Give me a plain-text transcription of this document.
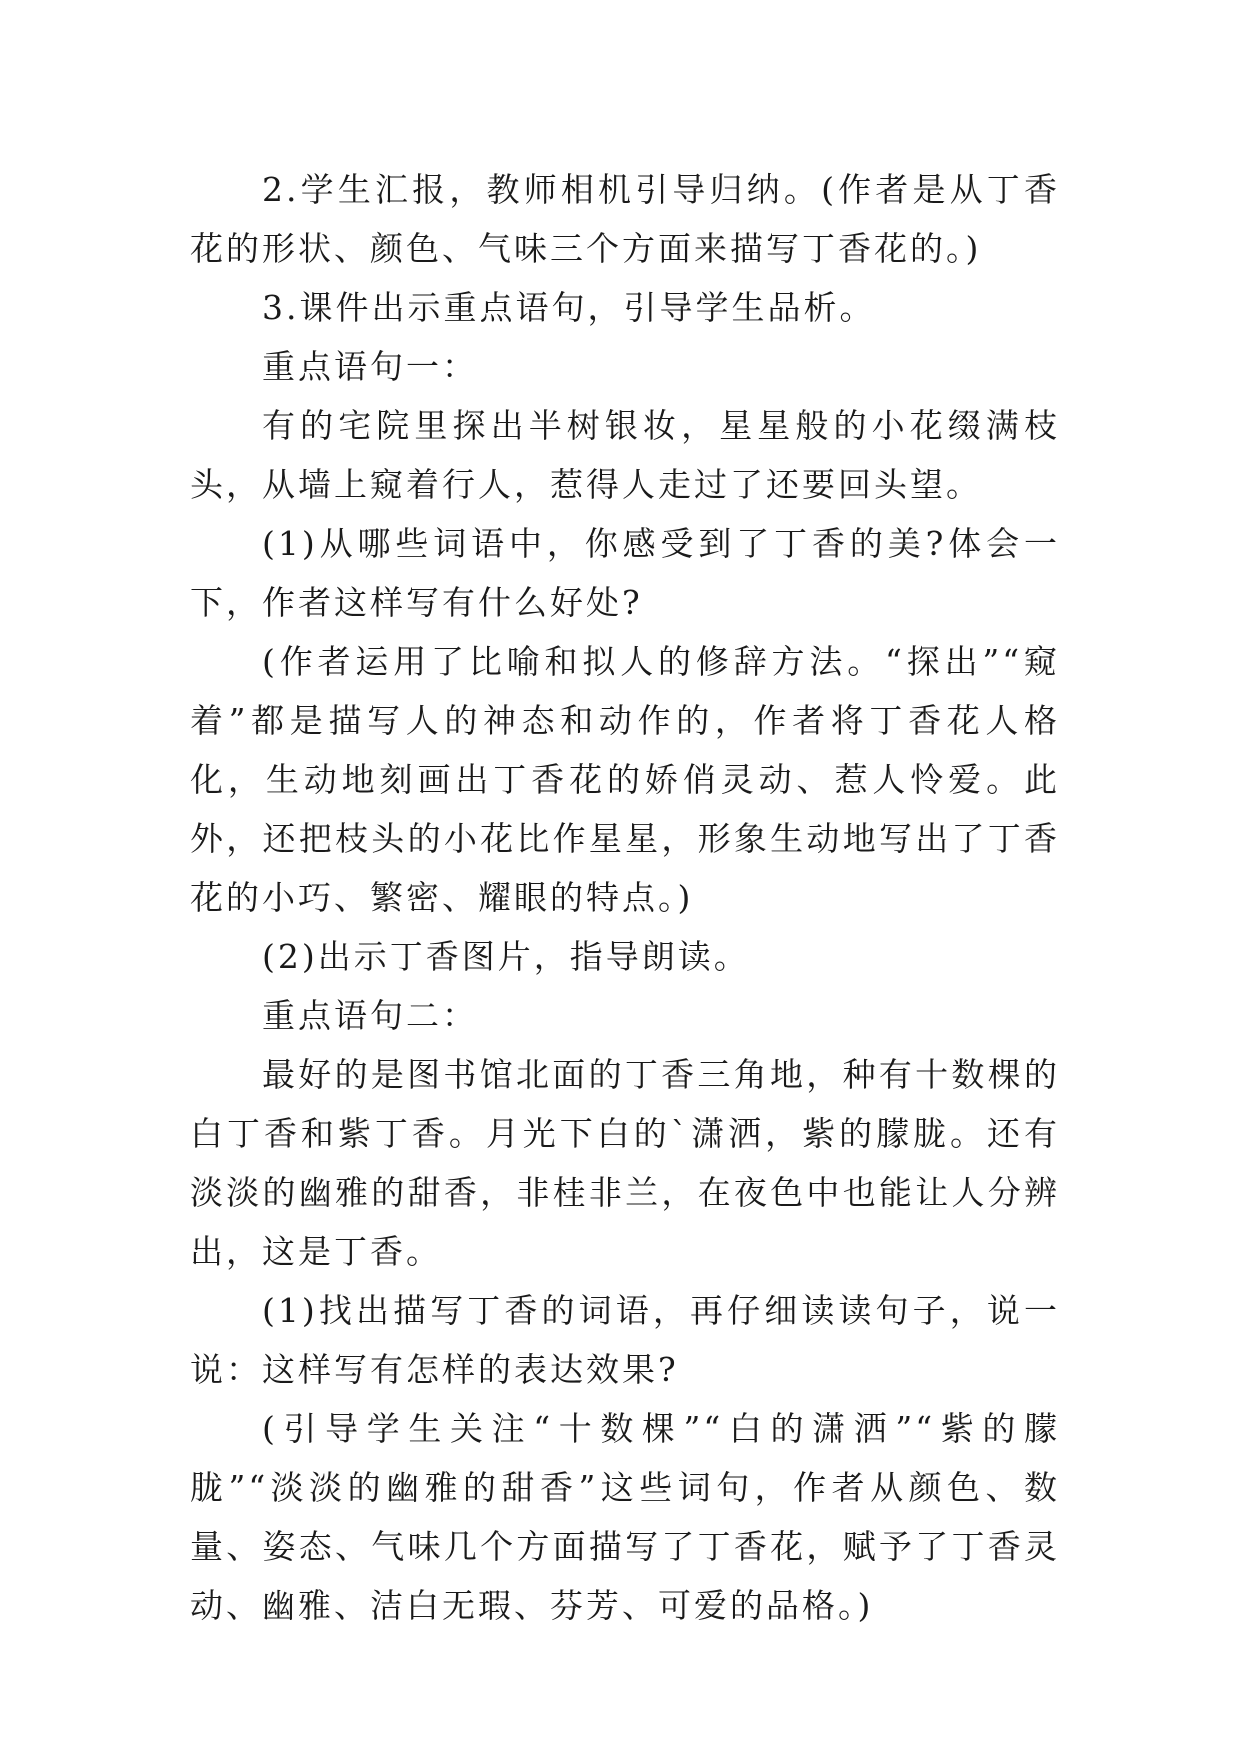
2.学生汇报，教师相机引导归纳。(作者是从丁香花的形状、颜色、气味三个方面来描写丁香花的。)

3.课件出示重点语句，引导学生品析。

重点语句一：

有的宅院里探出半树银妆，星星般的小花缀满枝头，从墙上窥着行人，惹得人走过了还要回头望。

(1)从哪些词语中，你感受到了丁香的美?体会一下，作者这样写有什么好处?

(作者运用了比喻和拟人的修辞方法。“探出”“窥着”都是描写人的神态和动作的，作者将丁香花人格化，生动地刻画出丁香花的娇俏灵动、惹人怜爱。此外，还把枝头的小花比作星星，形象生动地写出了丁香花的小巧、繁密、耀眼的特点。)

(2)出示丁香图片，指导朗读。

重点语句二：

最好的是图书馆北面的丁香三角地，种有十数棵的白丁香和紫丁香。月光下白的`潇洒，紫的朦胧。还有淡淡的幽雅的甜香，非桂非兰，在夜色中也能让人分辨出，这是丁香。

(1)找出描写丁香的词语，再仔细读读句子，说一说：这样写有怎样的表达效果?

(引导学生关注“十数棵”“白的潇洒”“紫的朦胧”“淡淡的幽雅的甜香”这些词句，作者从颜色、数量、姿态、气味几个方面描写了丁香花，赋予了丁香灵动、幽雅、洁白无瑕、芬芳、可爱的品格。)
